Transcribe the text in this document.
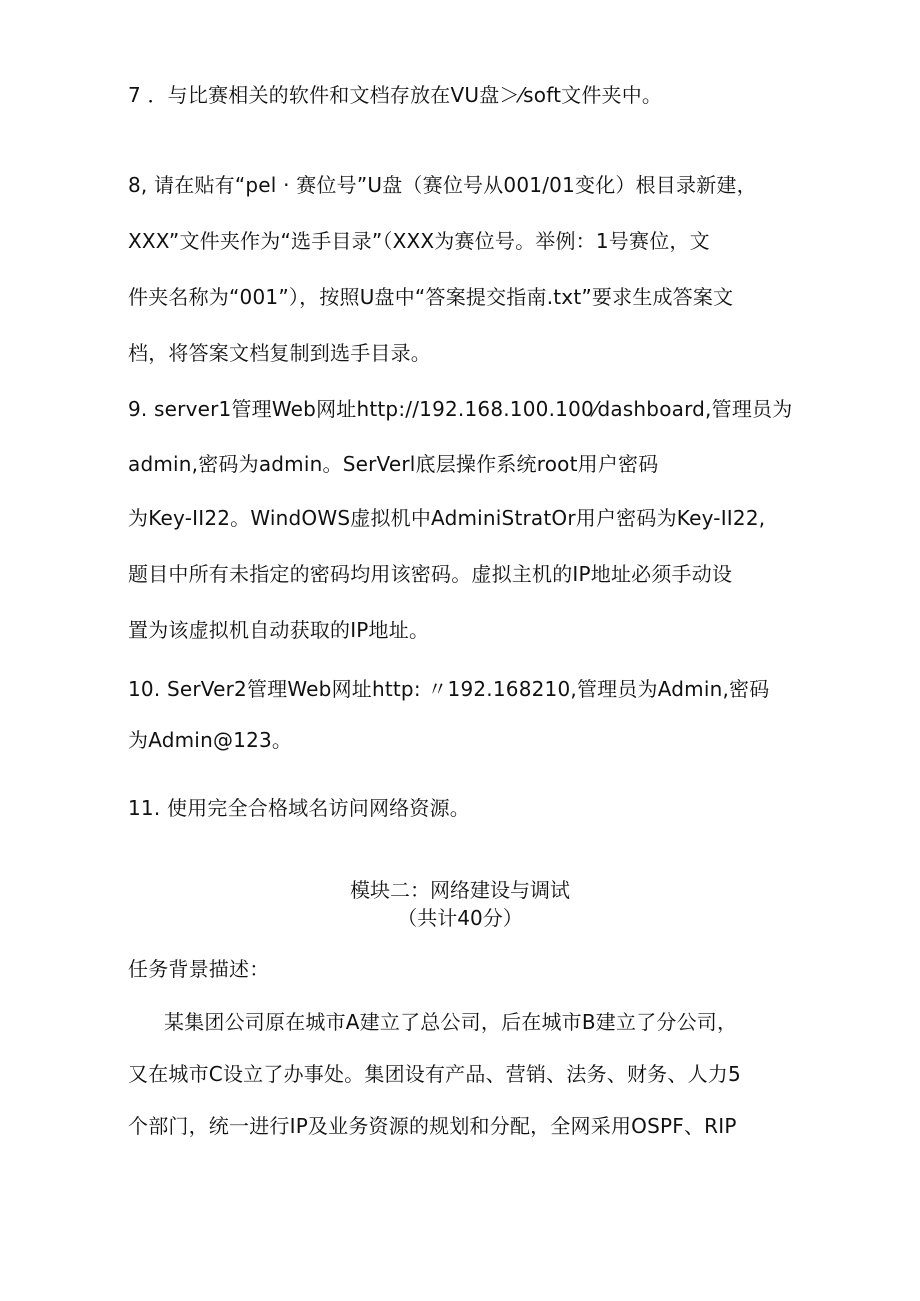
7 ．与比赛相关的软件和文档存放在VU盘＞⁄soft文件夹中。
8, 请在贴有“pel · 赛位号”U盘（赛位号从001/01变化）根目录新建，
XXX”文件夹作为“选手目录”（XXX为赛位号。举例：1号赛位，文
件夹名称为“001”），按照U盘中“答案提交指南.txt”要求生成答案文
档，将答案文档复制到选手目录。
9. server1管理Web网址http://192.168.100.100⁄dashboard,管理员为
admin,密码为admin。SerVerl底层操作系统root用户密码
为Key-II22。WindOWS虚拟机中AdminiStratOr用户密码为Key-II22,
题目中所有未指定的密码均用该密码。虚拟主机的IP地址必须手动设
置为该虚拟机自动获取的IP地址。
10. SerVer2管理Web网址http: 〃192.168210,管理员为Admin,密码
为Admin@123。
11. 使用完全合格域名访问网络资源。
模块二：网络建设与调试
（共计40分）
任务背景描述：
某集团公司原在城市A建立了总公司，后在城市B建立了分公司，
又在城市C设立了办事处。集团设有产品、营销、法务、财务、人力5
个部门，统一进行IP及业务资源的规划和分配，全网采用OSPF、RIP
